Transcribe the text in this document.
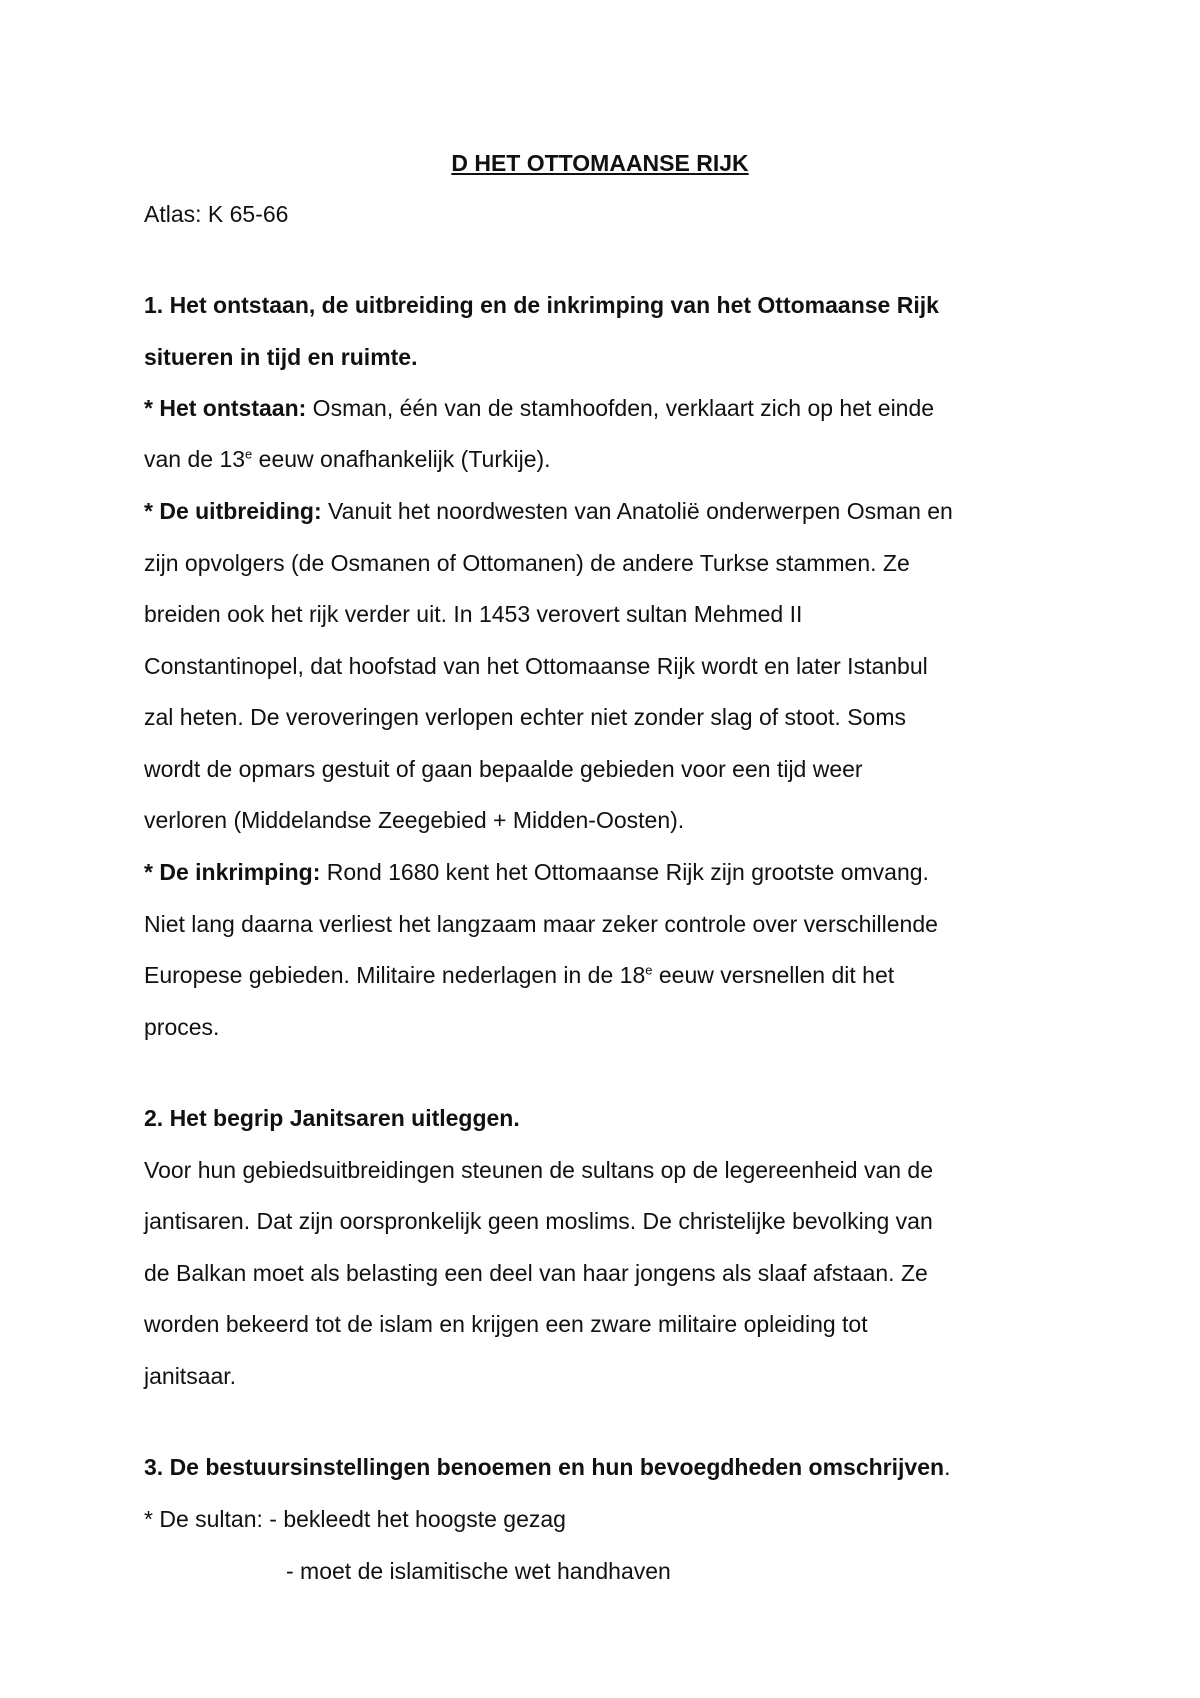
D HET OTTOMAANSE RIJK
Atlas: K 65-66
1. Het ontstaan, de uitbreiding en de inkrimping van het Ottomaanse Rijk
situeren in tijd en ruimte.
* Het ontstaan: Osman, één van de stamhoofden, verklaart zich op het einde
van de 13e eeuw onafhankelijk (Turkije).
* De uitbreiding: Vanuit het noordwesten van Anatolië onderwerpen Osman en
zijn opvolgers (de Osmanen of Ottomanen) de andere Turkse stammen. Ze
breiden ook het rijk verder uit. In 1453 verovert sultan Mehmed II
Constantinopel, dat hoofstad van het Ottomaanse Rijk wordt en later Istanbul
zal heten. De veroveringen verlopen echter niet zonder slag of stoot. Soms
wordt de opmars gestuit of gaan bepaalde gebieden voor een tijd weer
verloren (Middelandse Zeegebied + Midden-Oosten).
* De inkrimping: Rond 1680 kent het Ottomaanse Rijk zijn grootste omvang.
Niet lang daarna verliest het langzaam maar zeker controle over verschillende
Europese gebieden. Militaire nederlagen in de 18e eeuw versnellen dit het
proces.
2. Het begrip Janitsaren uitleggen.
Voor hun gebiedsuitbreidingen steunen de sultans op de legereenheid van de
jantisaren. Dat zijn oorspronkelijk geen moslims. De christelijke bevolking van
de Balkan moet als belasting een deel van haar jongens als slaaf afstaan. Ze
worden bekeerd tot de islam en krijgen een zware militaire opleiding tot
janitsaar.
3. De bestuursinstellingen benoemen en hun bevoegdheden omschrijven.
* De sultan: - bekleedt het hoogste gezag
- moet de islamitische wet handhaven
